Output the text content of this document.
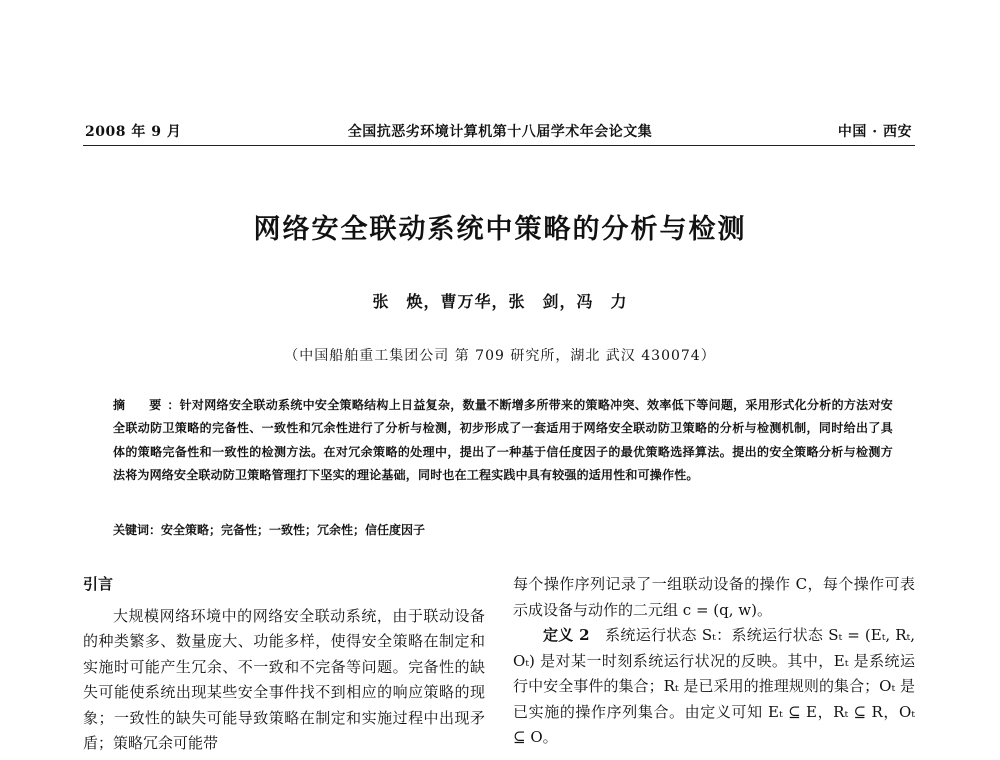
2008 年 9 月	全国抗恶劣环境计算机第十八届学术年会论文集	中国 · 西安
网络安全联动系统中策略的分析与检测
张　焕，曹万华，张　剑，冯　力
（中国船舶重工集团公司 第 709 研究所，湖北 武汉 430074）
摘　要：针对网络安全联动系统中安全策略结构上日益复杂，数量不断增多所带来的策略冲突、效率低下等问题，采用形式化分析的方法对安全联动防卫策略的完备性、一致性和冗余性进行了分析与检测，初步形成了一套适用于网络安全联动防卫策略的分析与检测机制，同时给出了具体的策略完备性和一致性的检测方法。在对冗余策略的处理中，提出了一种基于信任度因子的最优策略选择算法。提出的安全策略分析与检测方法将为网络安全联动防卫策略管理打下坚实的理论基础，同时也在工程实践中具有较强的适用性和可操作性。
关键词：安全策略；完备性；一致性；冗余性；信任度因子

引言

大规模网络环境中的网络安全联动系统，由于联动设备的种类繁多、数量庞大、功能多样，使得安全策略在制定和实施时可能产生冗余、不一致和不完备等问题。完备性的缺失可能使系统出现某些安全事件找不到相应的响应策略的现象；一致性的缺失可能导致策略在制定和实施过程中出现矛盾；策略冗余可能带

每个操作序列记录了一组联动设备的操作 C，每个操作可表示成设备与动作的二元组 c = (q, w)。

定义 2　系统运行状态 Sₜ：系统运行状态 Sₜ = (Eₜ, Rₜ, Oₜ) 是对某一时刻系统运行状况的反映。其中，Eₜ 是系统运行中安全事件的集合；Rₜ 是已采用的推理规则的集合；Oₜ 是已实施的操作序列集合。由定义可知 Eₜ ⊆ E，Rₜ ⊆ R，Oₜ ⊆ O。
